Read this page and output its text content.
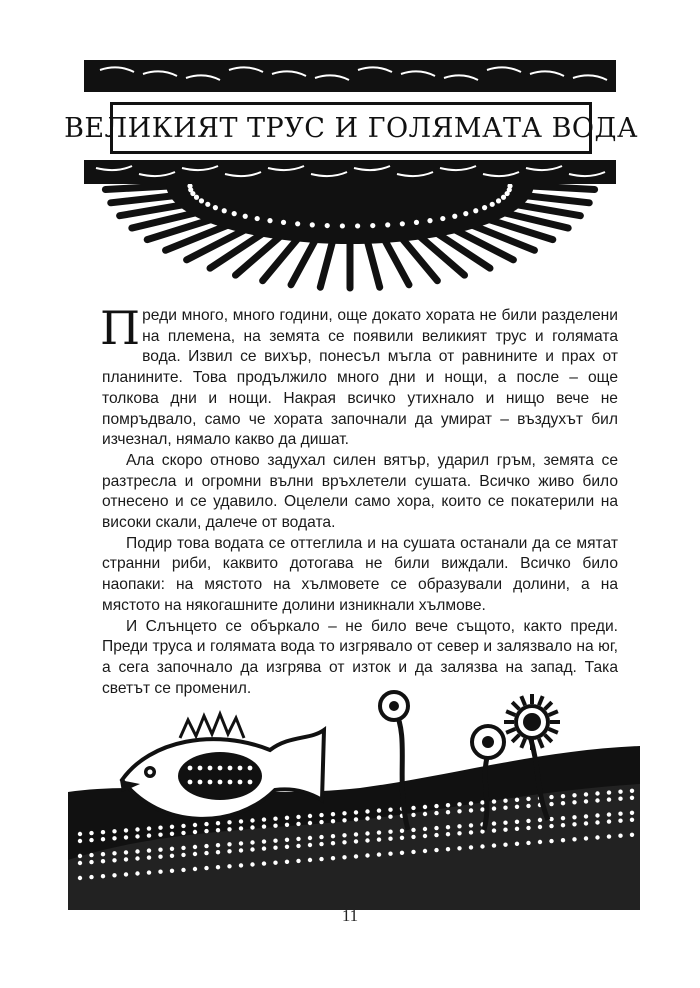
ВЕЛИКИЯТ ТРУС И ГОЛЯМАТА ВОДА

Преди много, много години, още докато хората не били разделени на племена, на земята се появили великият трус и голямата вода. Извил се вихър, понесъл мъгла от равнините и прах от планините. Това продължило много дни и нощи, а после – още толкова дни и нощи. Накрая всичко утихнало и нищо вече не помръдвало, само че хората започнали да умират – въздухът бил изчезнал, нямало какво да дишат.

Ала скоро отново задухал силен вятър, ударил гръм, земята се разтресла и огромни вълни връхлетели сушата. Всичко живо било отнесено и се удавило. Оцелели само хора, които се покатерили на високи скали, далече от водата.

Подир това водата се оттеглила и на сушата останали да се мятат странни риби, каквито дотогава не били виждали. Всичко било наопаки: на мястото на хълмовете се образували долини, а на мястото на някогашните долини изникнали хълмове.

И Слънцето се объркало – не било вече същото, както преди. Преди труса и голямата вода то изгрявало от север и залязвало на юг, а сега започнало да изгрява от изток и да залязва на запад. Така светът се променил.

11
